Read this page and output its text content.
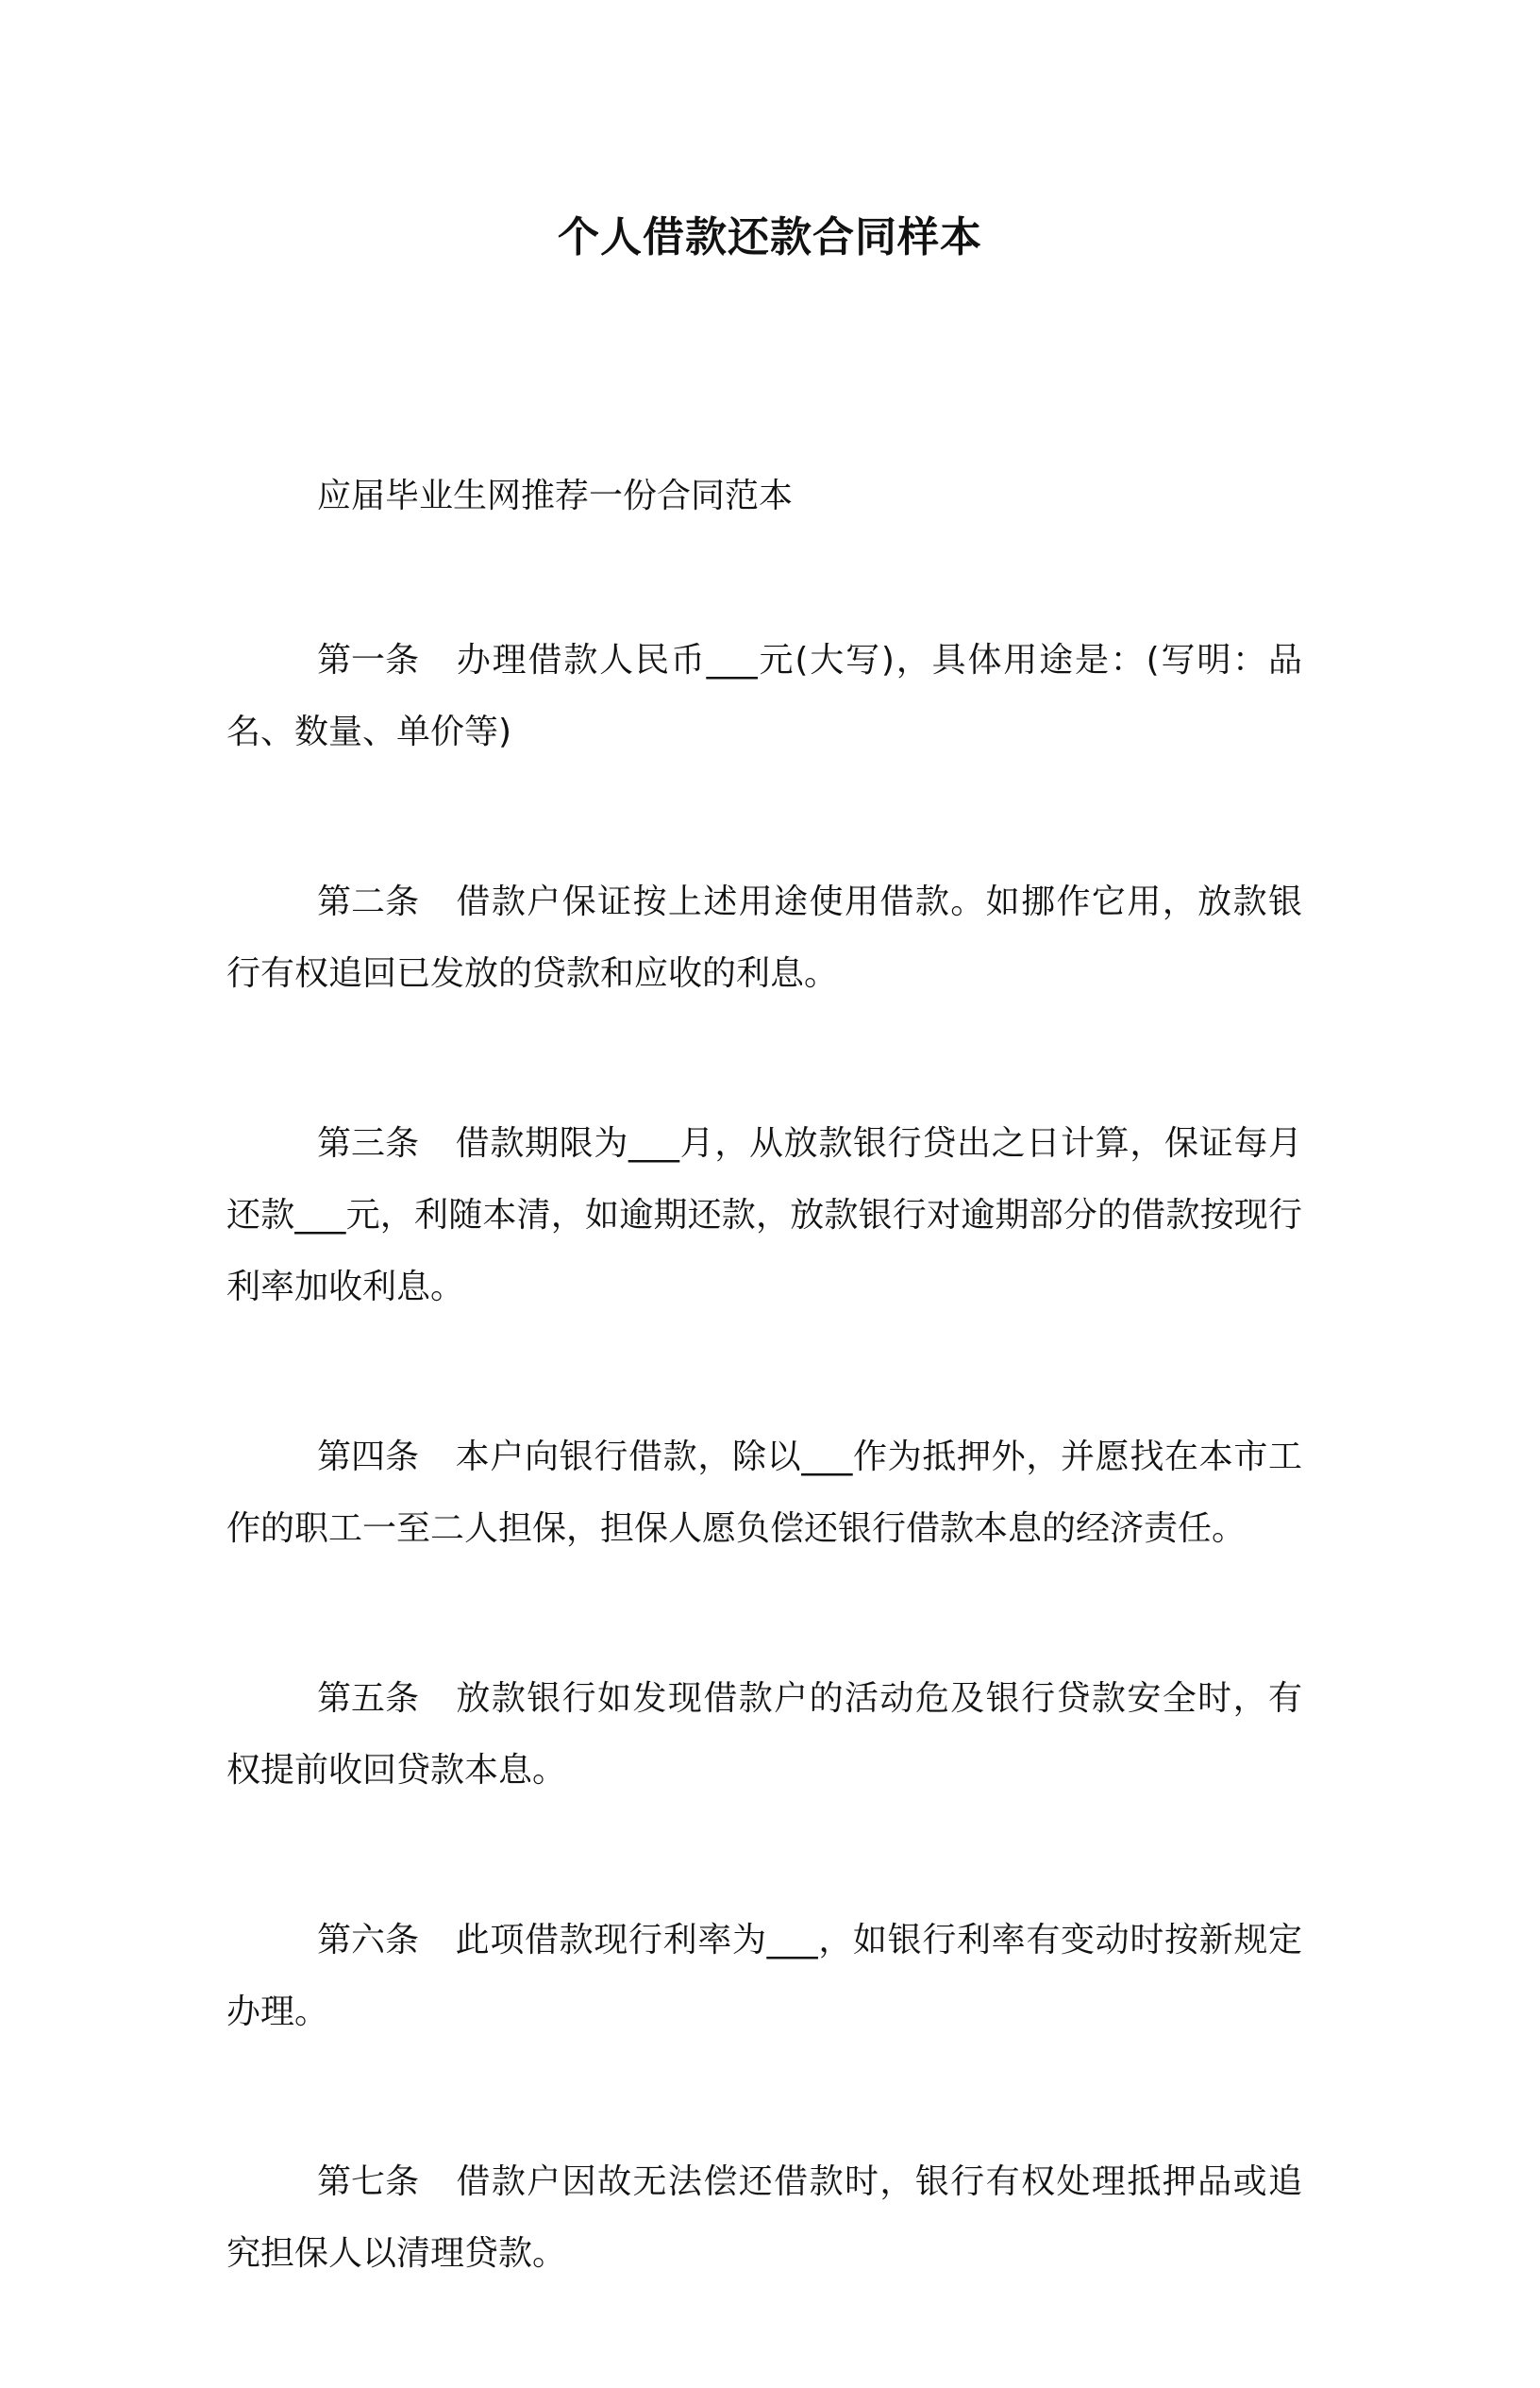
个人借款还款合同样本

应届毕业生网推荐一份合同范本

第一条 办理借款人民币___元(大写)，具体用途是：(写明：品名、数量、单价等)

第二条 借款户保证按上述用途使用借款。如挪作它用，放款银行有权追回已发放的贷款和应收的利息。

第三条 借款期限为___月，从放款银行贷出之日计算，保证每月还款___元，利随本清，如逾期还款，放款银行对逾期部分的借款按现行利率加收利息。

第四条 本户向银行借款，除以___作为抵押外，并愿找在本市工作的职工一至二人担保，担保人愿负偿还银行借款本息的经济责任。

第五条 放款银行如发现借款户的活动危及银行贷款安全时，有权提前收回贷款本息。

第六条 此项借款现行利率为___，如银行利率有变动时按新规定办理。

第七条 借款户因故无法偿还借款时，银行有权处理抵押品或追究担保人以清理贷款。
